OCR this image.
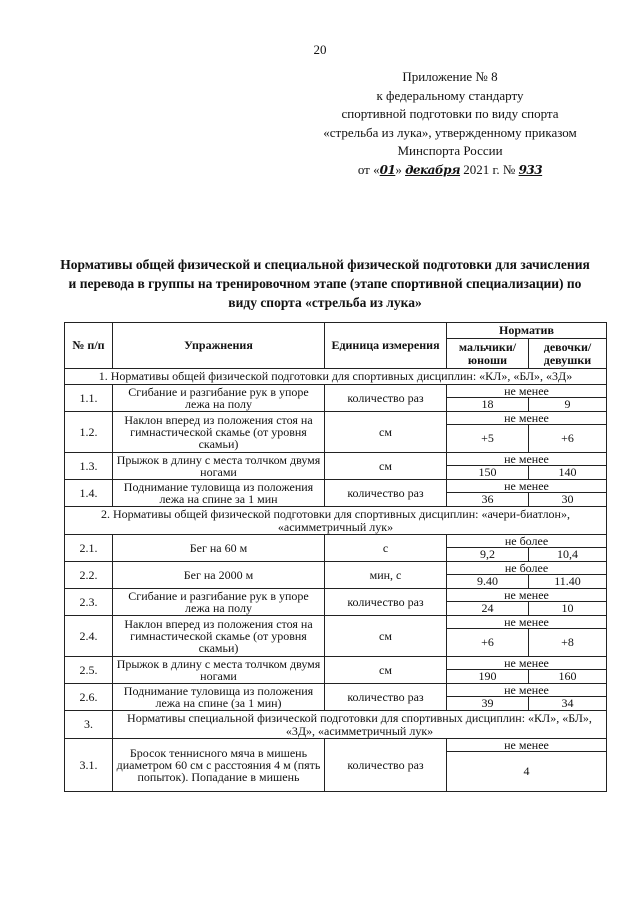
20
Приложение № 8
к федеральному стандарту
спортивной подготовки по виду спорта
«стрельба из лука», утвержденному приказом
Минспорта России
от «01» декабря 2021 г. № 933
Нормативы общей физической и специальной физической подготовки для зачисления и перевода в группы на тренировочном этапе (этапе спортивной специализации) по виду спорта «стрельба из лука»
№ п/п	Упражнения	Единица измерения	Норматив	
			мальчики/ юноши	девочки/ девушки
1. Нормативы общей физической подготовки для спортивных дисциплин: «КЛ», «БЛ», «3Д»				
1.1.	Сгибание и разгибание рук в упоре лежа на полу	количество раз	не менее	
			18	9
1.2.	Наклон вперед из положения стоя на гимнастической скамье (от уровня скамьи)	см	не менее	
			+5	+6
1.3.	Прыжок в длину с места толчком двумя ногами	см	не менее	
			150	140
1.4.	Поднимание туловища из положения лежа на спине за 1 мин	количество раз	не менее	
			36	30
2. Нормативы общей физической подготовки для спортивных дисциплин: «ачери-биатлон», «асимметричный лук»				
2.1.	Бег на 60 м	с	не более	
			9,2	10,4
2.2.	Бег на 2000 м	мин, с	не более	
			9.40	11.40
2.3.	Сгибание и разгибание рук в упоре лежа на полу	количество раз	не менее	
			24	10
2.4.	Наклон вперед из положения стоя на гимнастической скамье (от уровня скамьи)	см	не менее	
			+6	+8
2.5.	Прыжок в длину с места толчком двумя ногами	см	не менее	
			190	160
2.6.	Поднимание туловища из положения лежа на спине (за 1 мин)	количество раз	не менее	
			39	34
3.	Нормативы специальной физической подготовки для спортивных дисциплин: «КЛ», «БЛ», «3Д», «асимметричный лук»			
3.1.	Бросок теннисного мяча в мишень диаметром 60 см с расстояния 4 м (пять попыток). Попадание в мишень	количество раз	не менее	
			4	
